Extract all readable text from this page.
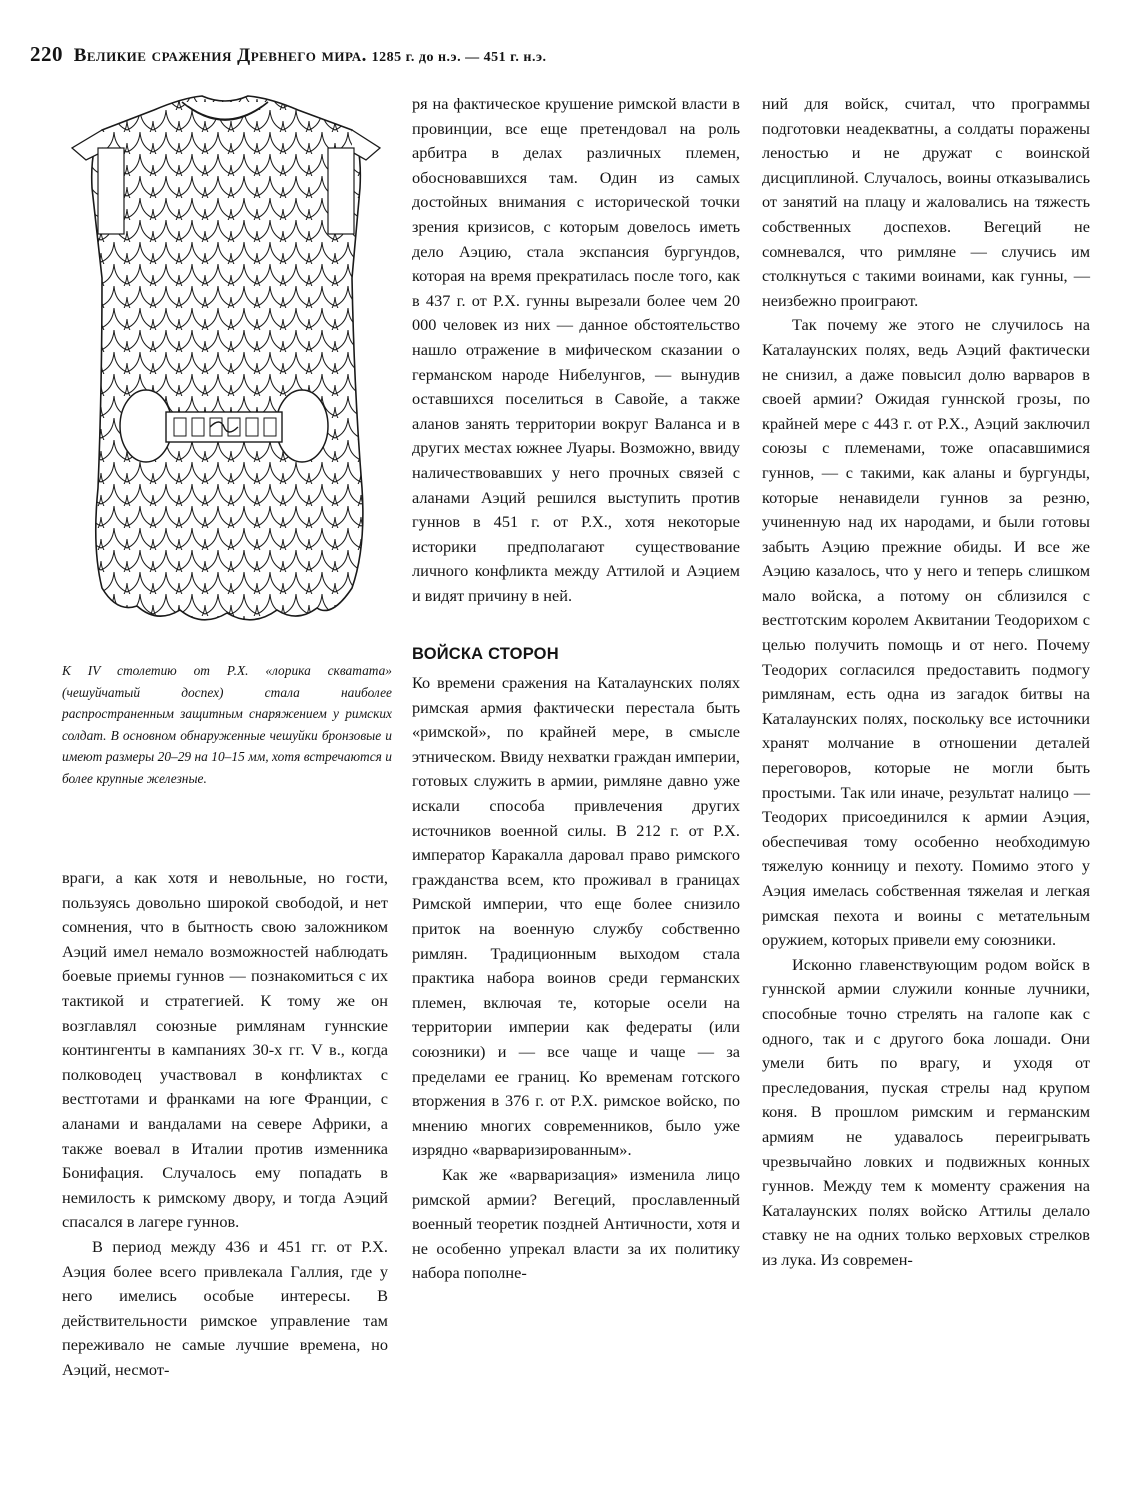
220 Великие сражения Древнего мира. 1285 г. до н.э. — 451 г. н.э.
К IV столетию от Р.Х. «лорика скватата» (чешуйчатый доспех) стала наиболее распространенным защитным снаряжением у римских солдат. В основном обнаруженные чешуйки бронзовые и имеют размеры 20–29 на 10–15 мм, хотя встречаются и более крупные железные.

враги, а как хотя и невольные, но гости, пользуясь довольно широкой свободой, и нет сомнения, что в бытность свою заложником Аэций имел немало возможностей наблюдать боевые приемы гуннов — познакомиться с их тактикой и стратегией. К тому же он возглавлял союзные римлянам гуннские контингенты в кампаниях 30-х гг. V в., когда полководец участвовал в конфликтах с вестготами и франками на юге Франции, с аланами и вандалами на севере Африки, а также воевал в Италии против изменника Бонифация. Случалось ему попадать в немилость к римскому двору, и тогда Аэций спасался в лагере гуннов.

В период между 436 и 451 гг. от Р.Х. Аэция более всего привлекала Галлия, где у него имелись особые интересы. В действительности римское управление там переживало не самые лучшие времена, но Аэций, несмот-

ря на фактическое крушение римской власти в провинции, все еще претендовал на роль арбитра в делах различных племен, обосновавшихся там. Один из самых достойных внимания с исторической точки зрения кризисов, с которым довелось иметь дело Аэцию, стала экспансия бургундов, которая на время прекратилась после того, как в 437 г. от Р.Х. гунны вырезали более чем 20 000 человек из них — данное обстоятельство нашло отражение в мифическом сказании о германском народе Нибелунгов, — вынудив оставшихся поселиться в Савойе, а также аланов занять территории вокруг Валанса и в других местах южнее Луары. Возможно, ввиду наличествовавших у него прочных связей с аланами Аэций решился выступить против гуннов в 451 г. от Р.Х., хотя некоторые историки предполагают существование личного конфликта между Аттилой и Аэцием и видят причину в ней.

ВОЙСКА СТОРОН

Ко времени сражения на Каталаунских полях римская армия фактически перестала быть «римской», по крайней мере, в смысле этническом. Ввиду нехватки граждан империи, готовых служить в армии, римляне давно уже искали способа привлечения других источников военной силы. В 212 г. от Р.Х. император Каракалла даровал право римского гражданства всем, кто проживал в границах Римской империи, что еще более снизило приток на военную службу собственно римлян. Традиционным выходом стала практика набора воинов среди германских племен, включая те, которые осели на территории империи как федераты (или союзники) и — все чаще и чаще — за пределами ее границ. Ко временам готского вторжения в 376 г. от Р.Х. римское войско, по мнению многих современников, было уже изрядно «варваризированным».

Как же «варваризация» изменила лицо римской армии? Вегеций, прославленный военный теоретик поздней Античности, хотя и не особенно упрекал власти за их политику набора пополне-

ний для войск, считал, что программы подготовки неадекватны, а солдаты поражены леностью и не дружат с воинской дисциплиной. Случалось, воины отказывались от занятий на плацу и жаловались на тяжесть собственных доспехов. Вегеций не сомневался, что римляне — случись им столкнуться с такими воинами, как гунны, — неизбежно проиграют.

Так почему же этого не случилось на Каталаунских полях, ведь Аэций фактически не снизил, а даже повысил долю варваров в своей армии? Ожидая гуннской грозы, по крайней мере с 443 г. от Р.Х., Аэций заключил союзы с племенами, тоже опасавшимися гуннов, — с такими, как аланы и бургунды, которые ненавидели гуннов за резню, учиненную над их народами, и были готовы забыть Аэцию прежние обиды. И все же Аэцию казалось, что у него и теперь слишком мало войска, а потому он сблизился с вестготским королем Аквитании Теодорихом с целью получить помощь и от него. Почему Теодорих согласился предоставить подмогу римлянам, есть одна из загадок битвы на Каталаунских полях, поскольку все источники хранят молчание в отношении деталей переговоров, которые не могли быть простыми. Так или иначе, результат налицо — Теодорих присоединился к армии Аэция, обеспечивая тому особенно необходимую тяжелую конницу и пехоту. Помимо этого у Аэция имелась собственная тяжелая и легкая римская пехота и воины с метательным оружием, которых привели ему союзники.

Исконно главенствующим родом войск в гуннской армии служили конные лучники, способные точно стрелять на галопе как с одного, так и с другого бока лошади. Они умели бить по врагу, и уходя от преследования, пуская стрелы над крупом коня. В прошлом римским и германским армиям не удавалось переигрывать чрезвычайно ловких и подвижных конных гуннов. Между тем к моменту сражения на Каталаунских полях войско Аттилы делало ставку не на одних только верховых стрелков из лука. Из современ-
